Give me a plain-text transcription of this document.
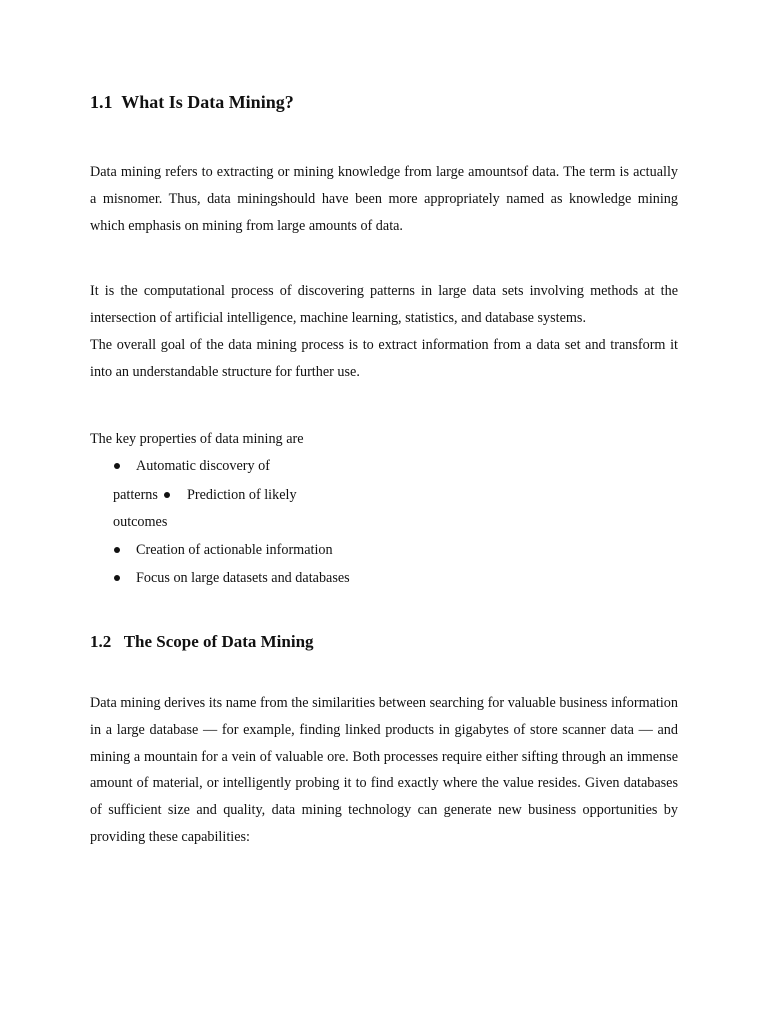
1.1 What Is Data Mining?

Data mining refers to extracting or mining knowledge from large amountsof data. The term is actually a misnomer. Thus, data miningshould have been more appropriately named as knowledge mining which emphasis on mining from large amounts of data.

It is the computational process of discovering patterns in large data sets involving methods at the intersection of artificial intelligence, machine learning, statistics, and database systems.

The overall goal of the data mining process is to extract information from a data set and transform it into an understandable structure for further use.

The key properties of data mining are

Automatic discovery of

patterns Prediction of likely

outcomes

Creation of actionable information

Focus on large datasets and databases

1.2 The Scope of Data Mining

Data mining derives its name from the similarities between searching for valuable business information in a large database — for example, finding linked products in gigabytes of store scanner data — and mining a mountain for a vein of valuable ore. Both processes require either sifting through an immense amount of material, or intelligently probing it to find exactly where the value resides. Given databases of sufficient size and quality, data mining technology can generate new business opportunities by providing these capabilities:
